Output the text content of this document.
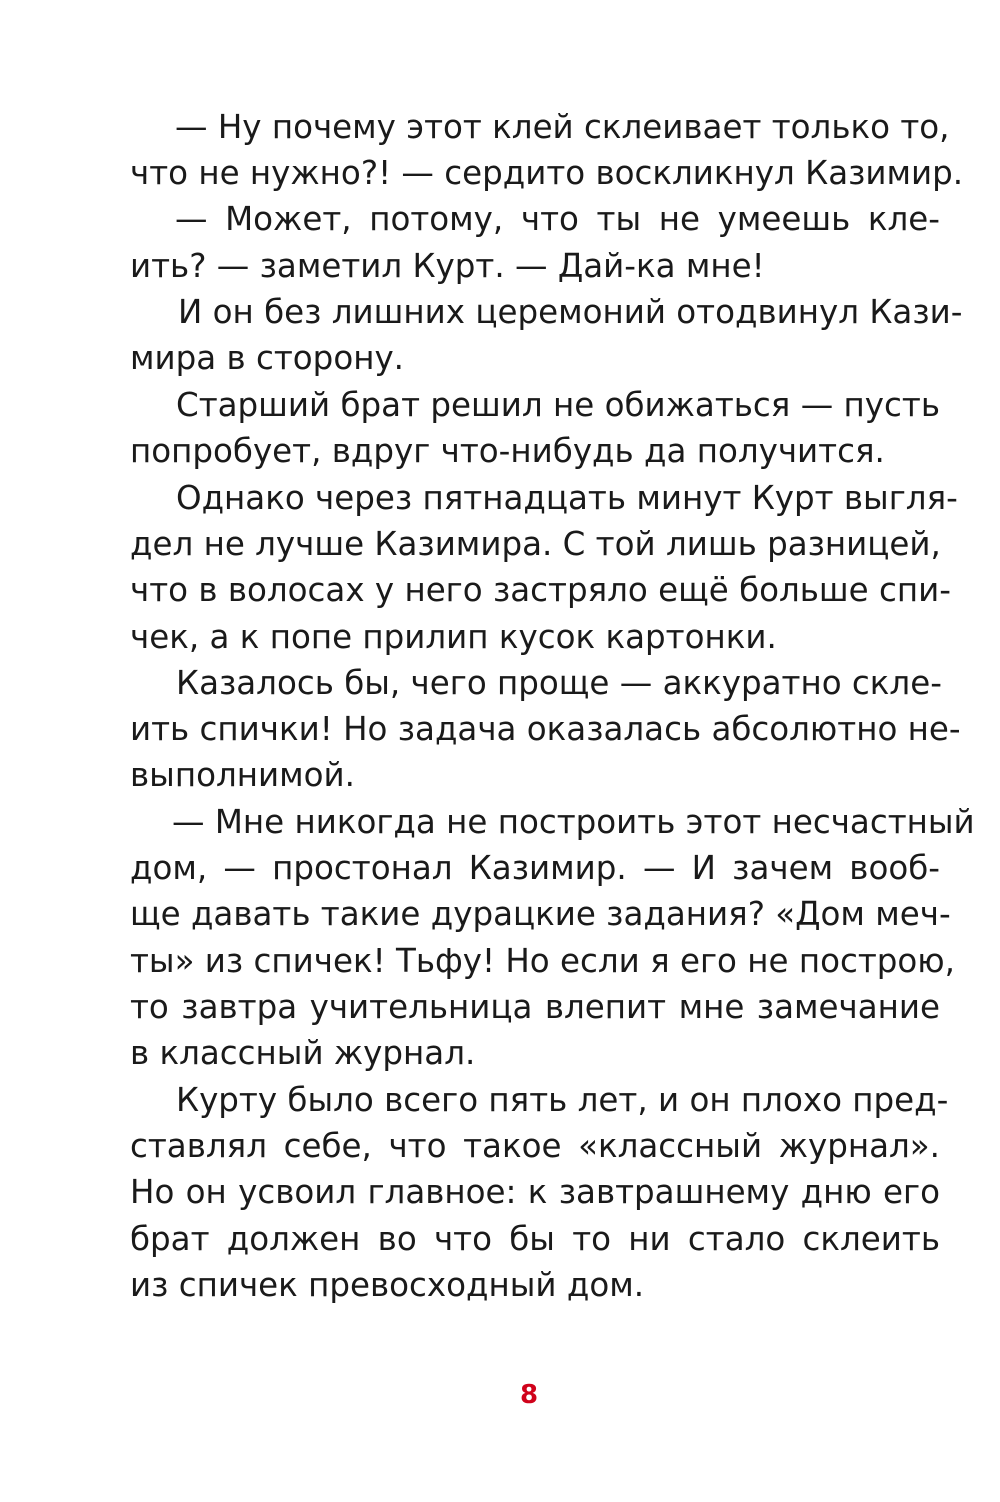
— Ну почему этот клей склеивает только то,
что не нужно?! — сердито воскликнул Казимир.
— Может, потому, что ты не умеешь кле-
ить? — заметил Курт. — Дай-ка мне!
И он без лишних церемоний отодвинул Кази-
мира в сторону.
Старший брат решил не обижаться — пусть
попробует, вдруг что-нибудь да получится.
Однако через пятнадцать минут Курт выгля-
дел не лучше Казимира. С той лишь разницей,
что в волосах у него застряло ещё больше спи-
чек, а к попе прилип кусок картонки.
Казалось бы, чего проще — аккуратно скле-
ить спички! Но задача оказалась абсолютно не-
выполнимой.
— Мне никогда не построить этот несчастный
дом, — простонал Казимир. — И зачем вооб-
ще давать такие дурацкие задания? «Дом меч-
ты» из спичек! Тьфу! Но если я его не построю,
то завтра учительница влепит мне замечание
в классный журнал.
Курту было всего пять лет, и он плохо пред-
ставлял себе, что такое «классный журнал».
Но он усвоил главное: к завтрашнему дню его
брат должен во что бы то ни стало склеить
из спичек превосходный дом.
8
